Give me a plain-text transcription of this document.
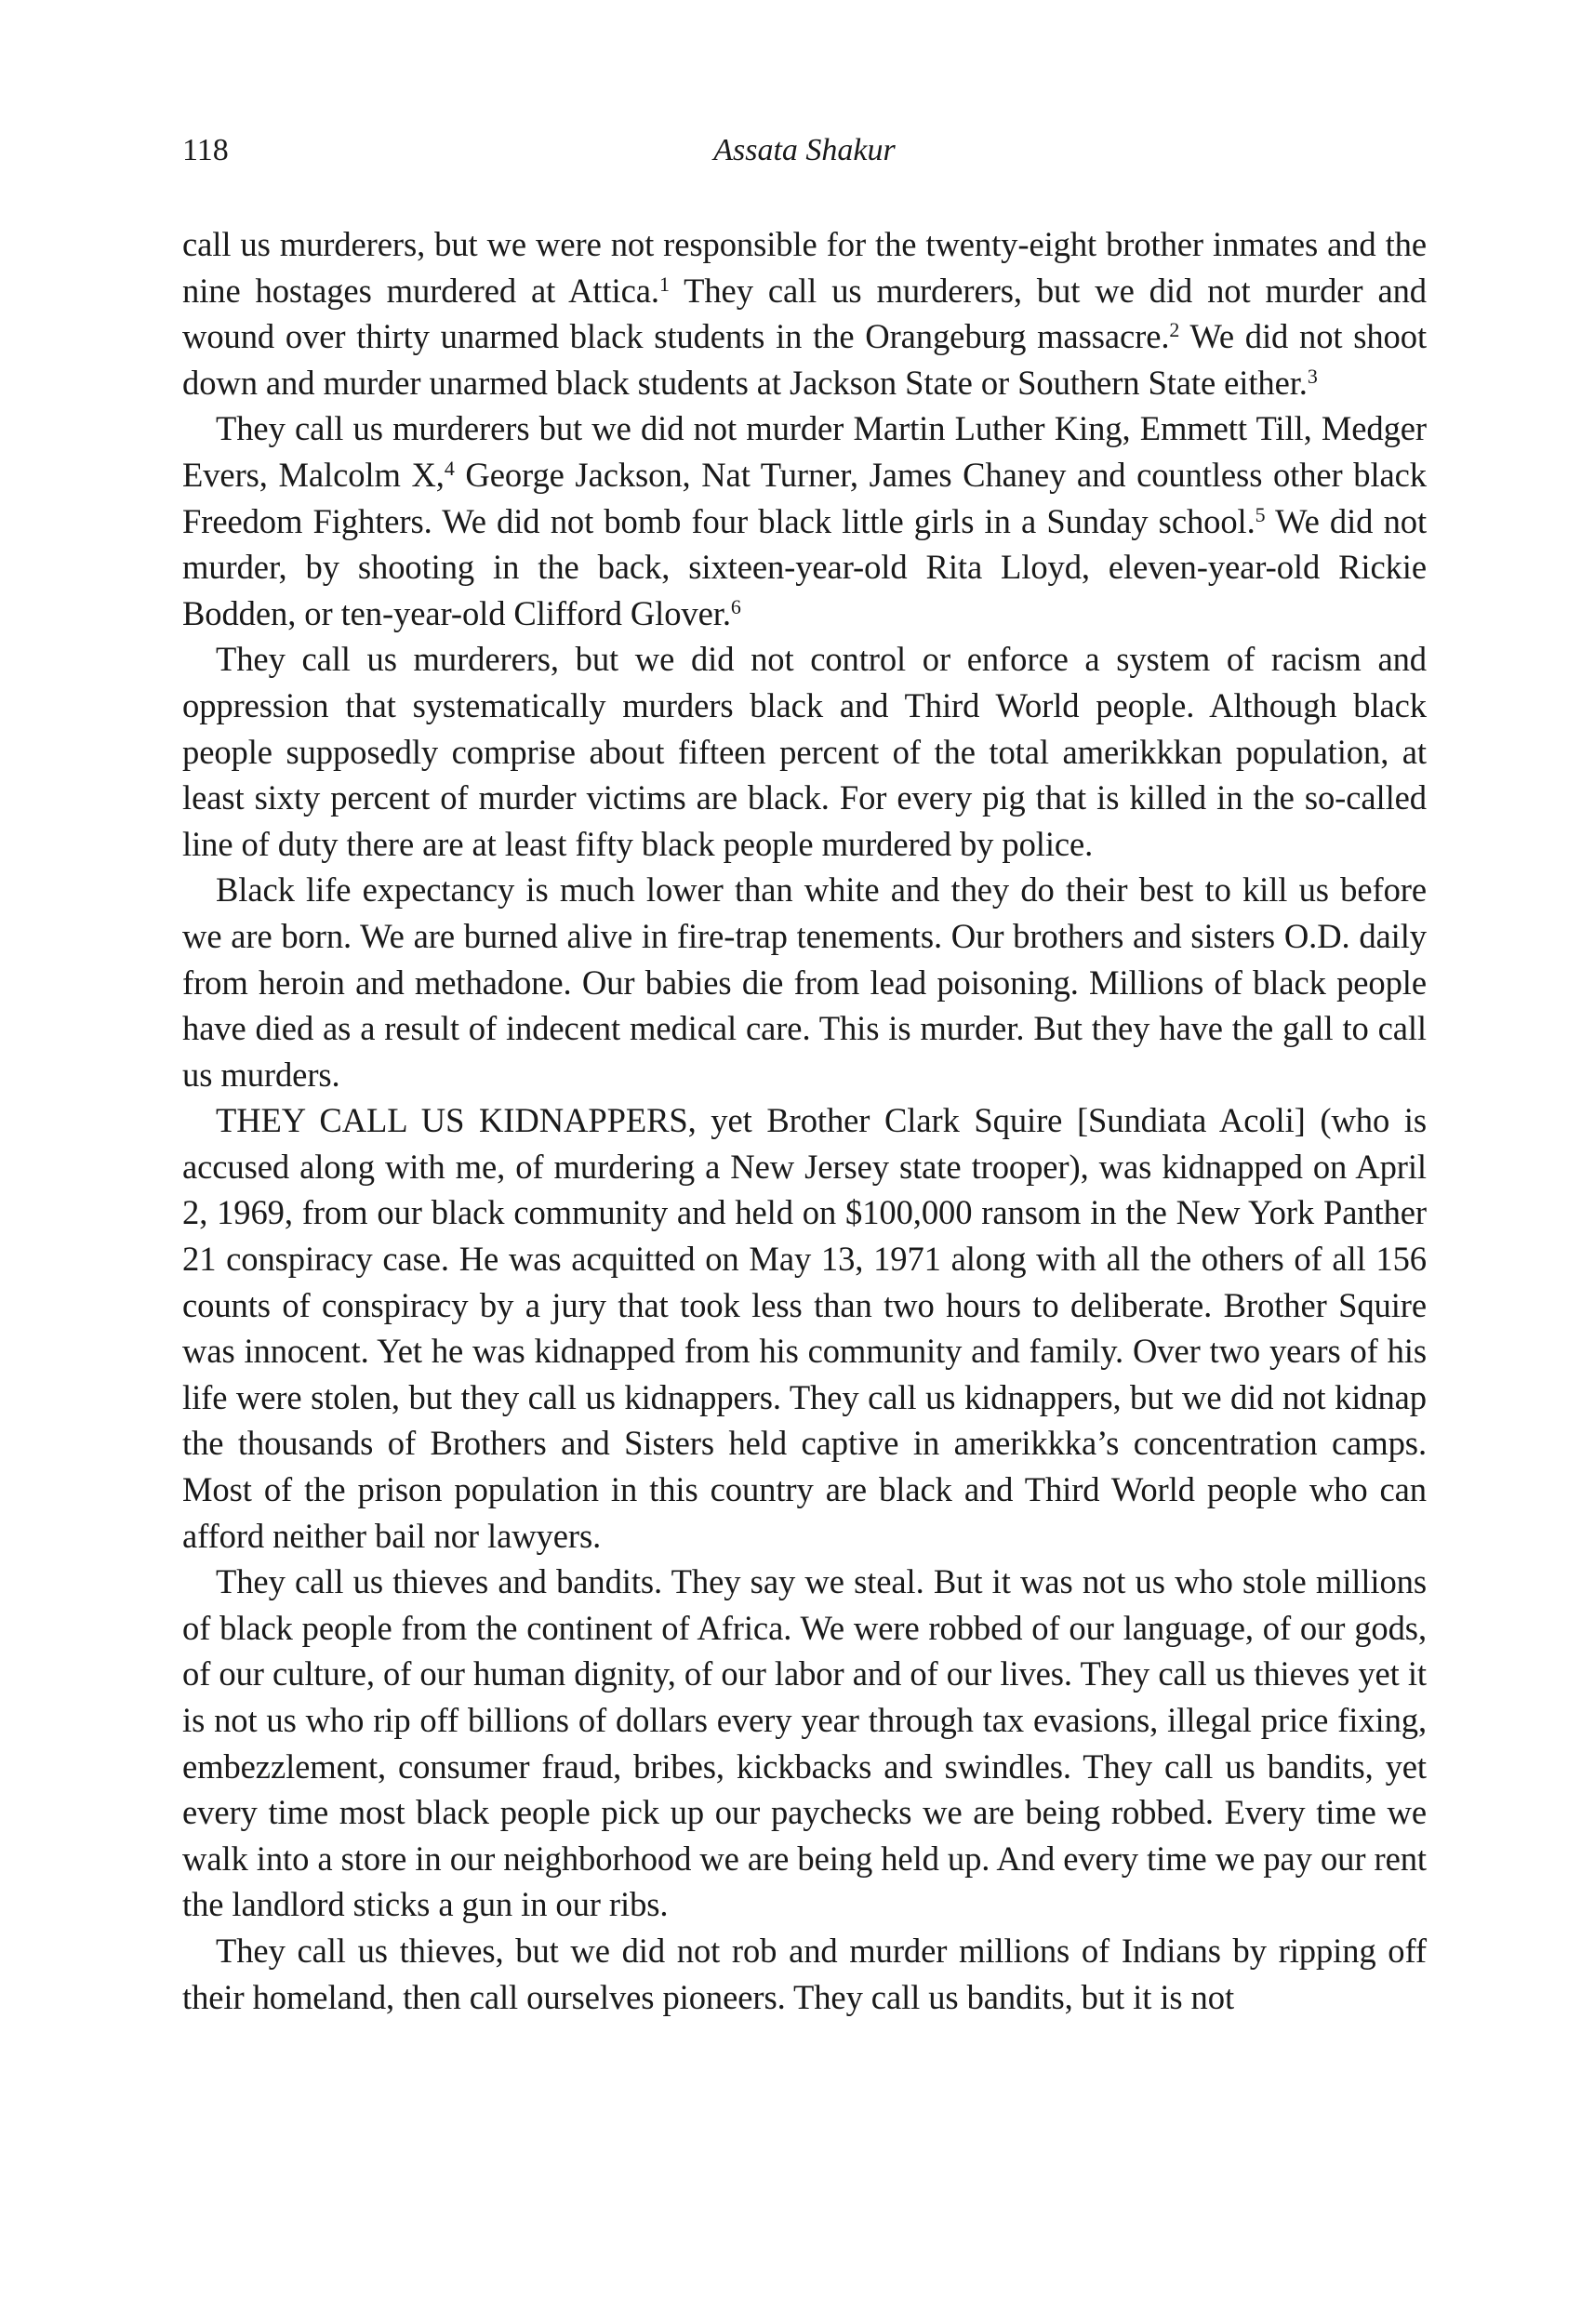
118	Assata Shakur

call us murderers, but we were not responsible for the twenty-eight brother inmates and the nine hostages murdered at Attica.$^1$ They call us murderers, but we did not murder and wound over thirty unarmed black students in the Orangeburg massacre.$^2$ We did not shoot down and murder unarmed black students at Jackson State or Southern State either.$^3$

They call us murderers but we did not murder Martin Luther King, Emmett Till, Medger Evers, Malcolm X,$^4$ George Jackson, Nat Turner, James Chaney and countless other black Freedom Fighters. We did not bomb four black little girls in a Sunday school.$^5$ We did not murder, by shooting in the back, sixteen-year-old Rita Lloyd, eleven-year-old Rickie Bodden, or ten-year-old Clifford Glover.$^6$

They call us murderers, but we did not control or enforce a system of racism and oppression that systematically murders black and Third World people. Although black people supposedly comprise about fifteen percent of the total amerikkkan population, at least sixty percent of murder victims are black. For every pig that is killed in the so-called line of duty there are at least fifty black people murdered by police.

Black life expectancy is much lower than white and they do their best to kill us before we are born. We are burned alive in fire-trap tenements. Our brothers and sisters O.D. daily from heroin and methadone. Our babies die from lead poisoning. Millions of black people have died as a result of indecent medical care. This is murder. But they have the gall to call us murders.

THEY CALL US KIDNAPPERS, yet Brother Clark Squire [Sundiata Acoli] (who is accused along with me, of murdering a New Jersey state trooper), was kidnapped on April 2, 1969, from our black community and held on $100,000 ransom in the New York Panther 21 conspiracy case. He was acquitted on May 13, 1971 along with all the others of all 156 counts of conspiracy by a jury that took less than two hours to deliberate. Brother Squire was innocent. Yet he was kidnapped from his community and family. Over two years of his life were stolen, but they call us kidnappers. They call us kidnappers, but we did not kidnap the thousands of Brothers and Sisters held captive in amerikkka’s concentration camps. Most of the prison population in this country are black and Third World people who can afford neither bail nor lawyers.

They call us thieves and bandits. They say we steal. But it was not us who stole millions of black people from the continent of Africa. We were robbed of our language, of our gods, of our culture, of our human dignity, of our labor and of our lives. They call us thieves yet it is not us who rip off billions of dollars every year through tax evasions, illegal price fixing, embezzlement, consumer fraud, bribes, kickbacks and swindles. They call us bandits, yet every time most black people pick up our paychecks we are being robbed. Every time we walk into a store in our neighborhood we are being held up. And every time we pay our rent the landlord sticks a gun in our ribs.

They call us thieves, but we did not rob and murder millions of Indians by ripping off their homeland, then call ourselves pioneers. They call us bandits, but it is not
